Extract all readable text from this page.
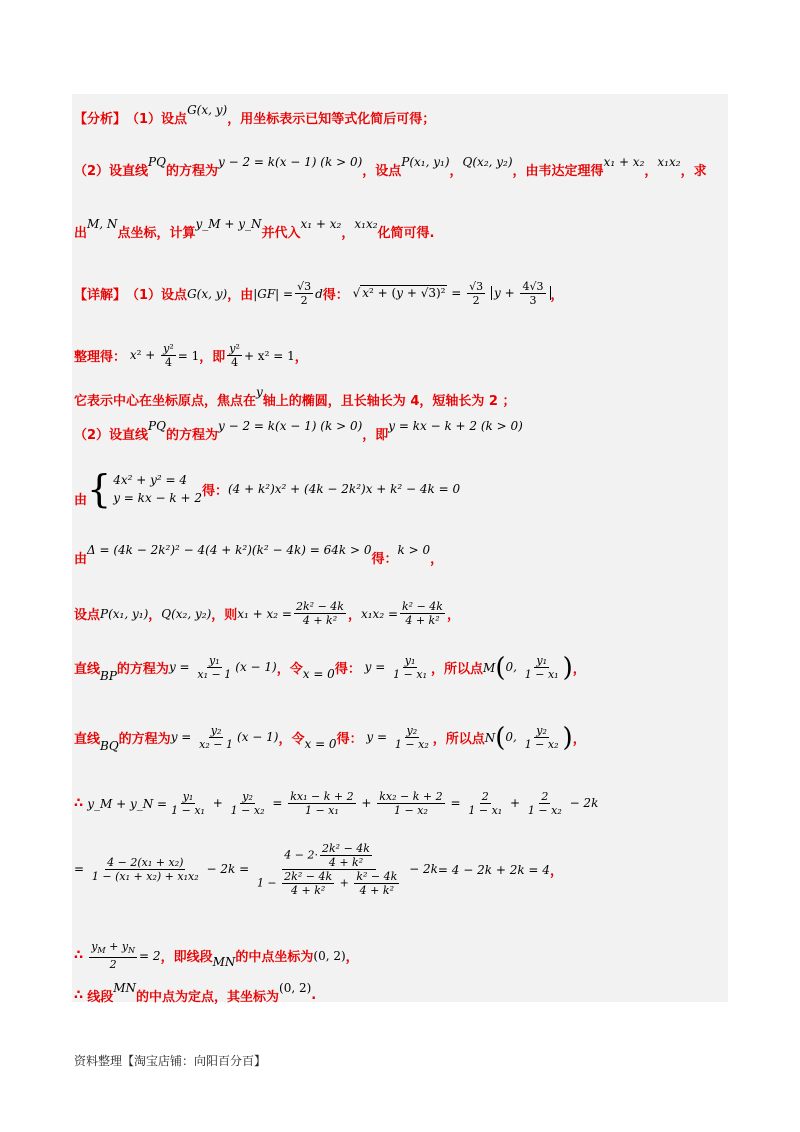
【分析】 （1）设点
G(x, y)
，用坐标表示已知等式化简后可得；
（2）设直线
PQ
的方程为
y − 2 = k(x − 1) (k > 0)
，设点
P(x₁, y₁)
，
Q(x₂, y₂)
，由韦达定理得
x₁ + x₂
，
x₁x₂
，求
出
M, N
点坐标，计算
y_M + y_N
并代入
x₁ + x₂
，
x₁x₂
化简可得.
【详解】 （1）设点 G(x, y) ，由 $|GF| = \frac{√3}{2}$ d 得： √ $x^2 + (y + √3)^2 = \frac{√3}{2}$ $y + \frac{4√3}{3}$ ，
整理得： $x^2 + \frac{\text{y²}}{4} = 1$ ，即 $\frac{\text{y²}}{4} + x^2 = 1$ ，
它表示中心在坐标原点，焦点在
y
轴上的椭圆，且长轴长为 4，短轴长为 2 ；
（2）设直线
PQ
的方程为
y − 2 = k(x − 1) (k > 0)
，即
y = kx − k + 2 (k > 0)
由 { 4x² + y² = 4
y = kx − k + 2 得： (4 + k²)x² + (4k − 2k²)x + k² − 4k = 0
由
Δ = (4k − 2k²)² − 4(4 + k²)(k² − 4k) = 64k > 0
得：
k > 0
，
设点 P(x₁, y₁) ， Q(x₂, y₂) ，则 $x_1 + x_2 = \frac{\text{2k² − 4k}}{\text{4 + k²}}$ ， $x_1x_2 = \frac{\text{k² − 4k}}{\text{4 + k²}}$ ，
直线 BP 的方程为 $y = \frac{\text{y₁}}{\text{x₁ − 1}} (x - 1)$ ，令 x = 0 得： $y = \frac{\text{y₁}}{\text{1 − x₁}}$ ，所以点 M ( 0, $\frac{\text{y₁}}{\text{1 − x₁}}$ ) ，
直线 BQ 的方程为 $y = \frac{\text{y₂}}{\text{x₂ − 1}} (x - 1)$ ，令 x = 0 得： $y = \frac{\text{y₂}}{\text{1 − x₂}}$ ，所以点 N ( 0, $\frac{\text{y₂}}{\text{1 − x₂}}$ ) ，
∴
y_M + y_N = $\frac{\text{y₁}}{\text{1 − x₁}} + \frac{\text{y₂}}{\text{1 − x₂}} = \frac{\text{kx₁ − k + 2}}{\text{1 − x₁}} + \frac{\text{kx₂ − k + 2}}{\text{1 − x₂}} = \frac{2}{\text{1 − x₁}} + \frac{2}{\text{1 − x₂}} - 2k$
= $\frac{\text{4 − 2(x₁ + x₂)}}{\text{1 − (x₁ + x₂) + x₁x₂}} - 2k = \frac{4 - 2\cdot \frac{\text{2k² − 4k}}{\text{4 + k²}}}{1 - \frac{\text{2k² − 4k}}{\text{4 + k²}} + \frac{\text{k² − 4k}}{\text{4 + k²}}} - 2k = 4 - 2k + 2k = 4$ ，
∴
$\frac{y_M + y_N}{2} = 2$ ，即线段 MN 的中点坐标为 (0, 2) ，
∴
线段
MN
的中点为定点，其坐标为
(0, 2)
.
资料整理【淘宝店铺：向阳百分百】
